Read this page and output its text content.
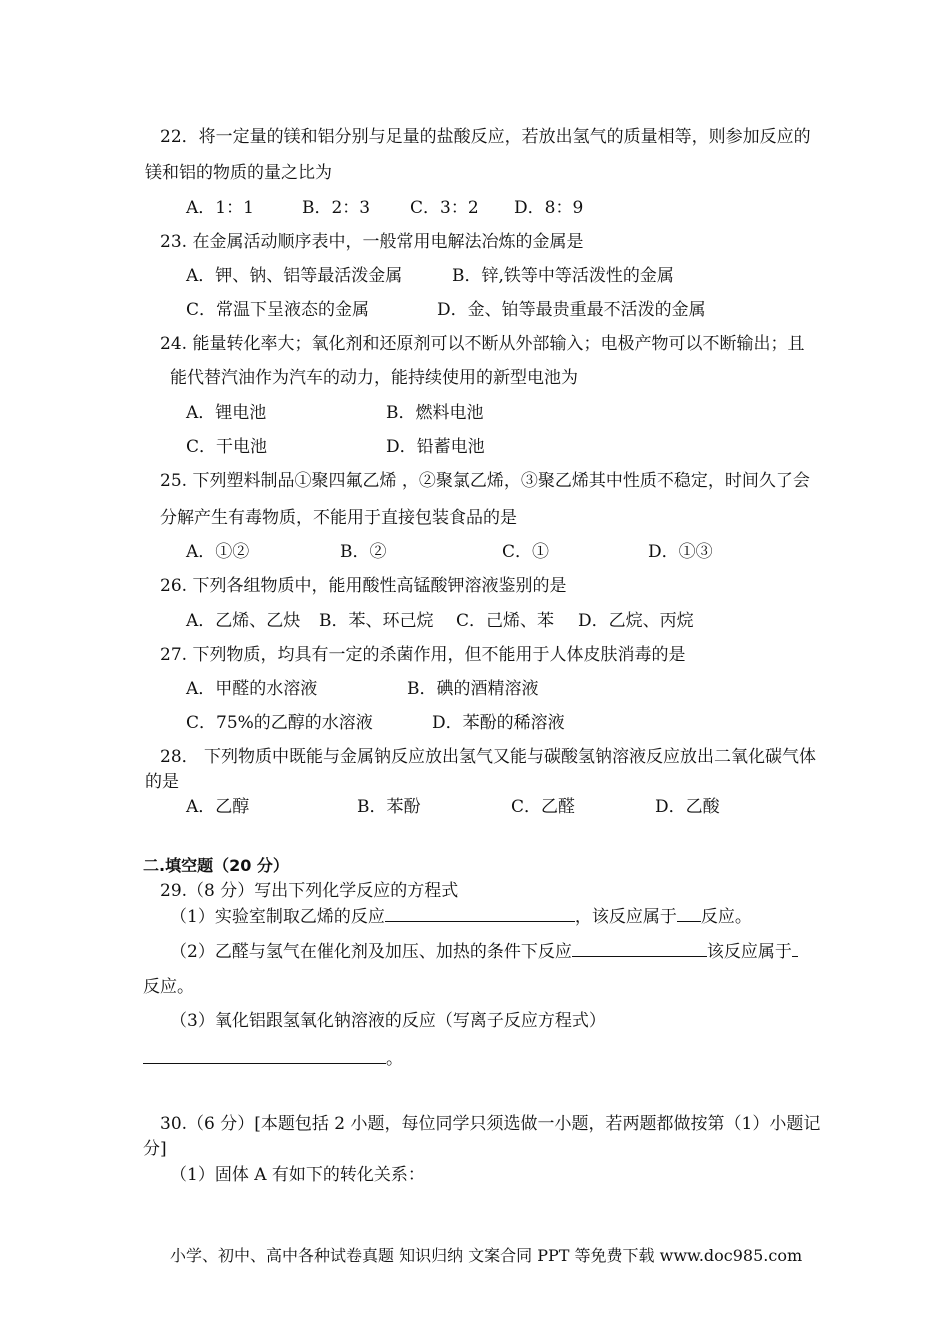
22．将一定量的镁和铝分别与足量的盐酸反应，若放出氢气的质量相等，则参加反应的
镁和铝的物质的量之比为
A．1：1	B．2：3 C．3：2 D．8：9
23. 在金属活动顺序表中，一般常用电解法冶炼的金属是
A．钾、钠、铝等最活泼金属	B．锌,铁等中等活泼性的金属
C．常温下呈液态的金属	D．金、铂等最贵重最不活泼的金属
24. 能量转化率大；氧化剂和还原剂可以不断从外部输入；电极产物可以不断输出；且
能代替汽油作为汽车的动力，能持续使用的新型电池为
A．锂电池	B．燃料电池
C．干电池	D．铅蓄电池
25. 下列塑料制品①聚四氟乙烯 ，②聚氯乙烯，③聚乙烯其中性质不稳定，时间久了会
分解产生有毒物质，不能用于直接包装食品的是
A．①②	B．②	C．①	D．①③
26. 下列各组物质中，能用酸性高锰酸钾溶液鉴别的是
A．乙烯、乙炔 B．苯、环己烷 C．己烯、苯 D．乙烷、丙烷
27. 下列物质，均具有一定的杀菌作用，但不能用于人体皮肤消毒的是
A．甲醛的水溶液	B．碘的酒精溶液
C．75%的乙醇的水溶液	D．苯酚的稀溶液
28． 下列物质中既能与金属钠反应放出氢气又能与碳酸氢钠溶液反应放出二氧化碳气体
的是
A．乙醇	B．苯酚	C．乙醛	D．乙酸
二.填空题（20 分）
29.（8 分）写出下列化学反应的方程式
（1）实验室制取乙烯的反应	，该反应属于 反应。
（2）乙醛与氢气在催化剂及加压、加热的条件下反应	该反应属于
反应。
（3）氧化铝跟氢氧化钠溶液的反应（写离子反应方程式）
。
30.（6 分）[本题包括 2 小题，每位同学只须选做一小题，若两题都做按第（1）小题记
分]
（1）固体 A 有如下的转化关系：
小学、初中、高中各种试卷真题 知识归纳 文案合同 PPT 等免费下载 www.doc985.com
